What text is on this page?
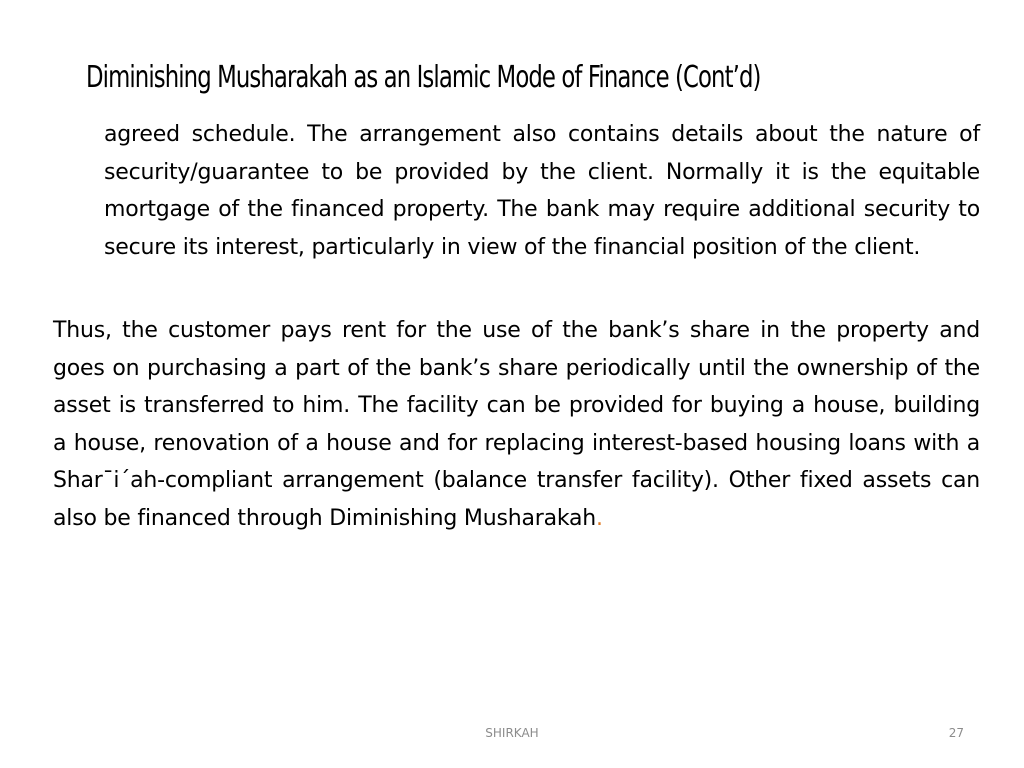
Diminishing Musharakah as an Islamic Mode of Finance (Cont’d)

agreed schedule. The arrangement also contains details about the nature of security/guarantee to be provided by the client. Normally it is the equitable mortgage of the financed property. The bank may require additional security to secure its interest, particularly in view of the financial position of the client.

Thus, the customer pays rent for the use of the bank’s share in the property and goes on purchasing a part of the bank’s share periodically until the ownership of the asset is transferred to him. The facility can be provided for buying a house, building a house, renovation of a house and for replacing interest-based housing loans with a Shar¯i´ah-compliant arrangement (balance transfer facility). Other fixed assets can also be financed through Diminishing Musharakah.

SHIRKAH	27
